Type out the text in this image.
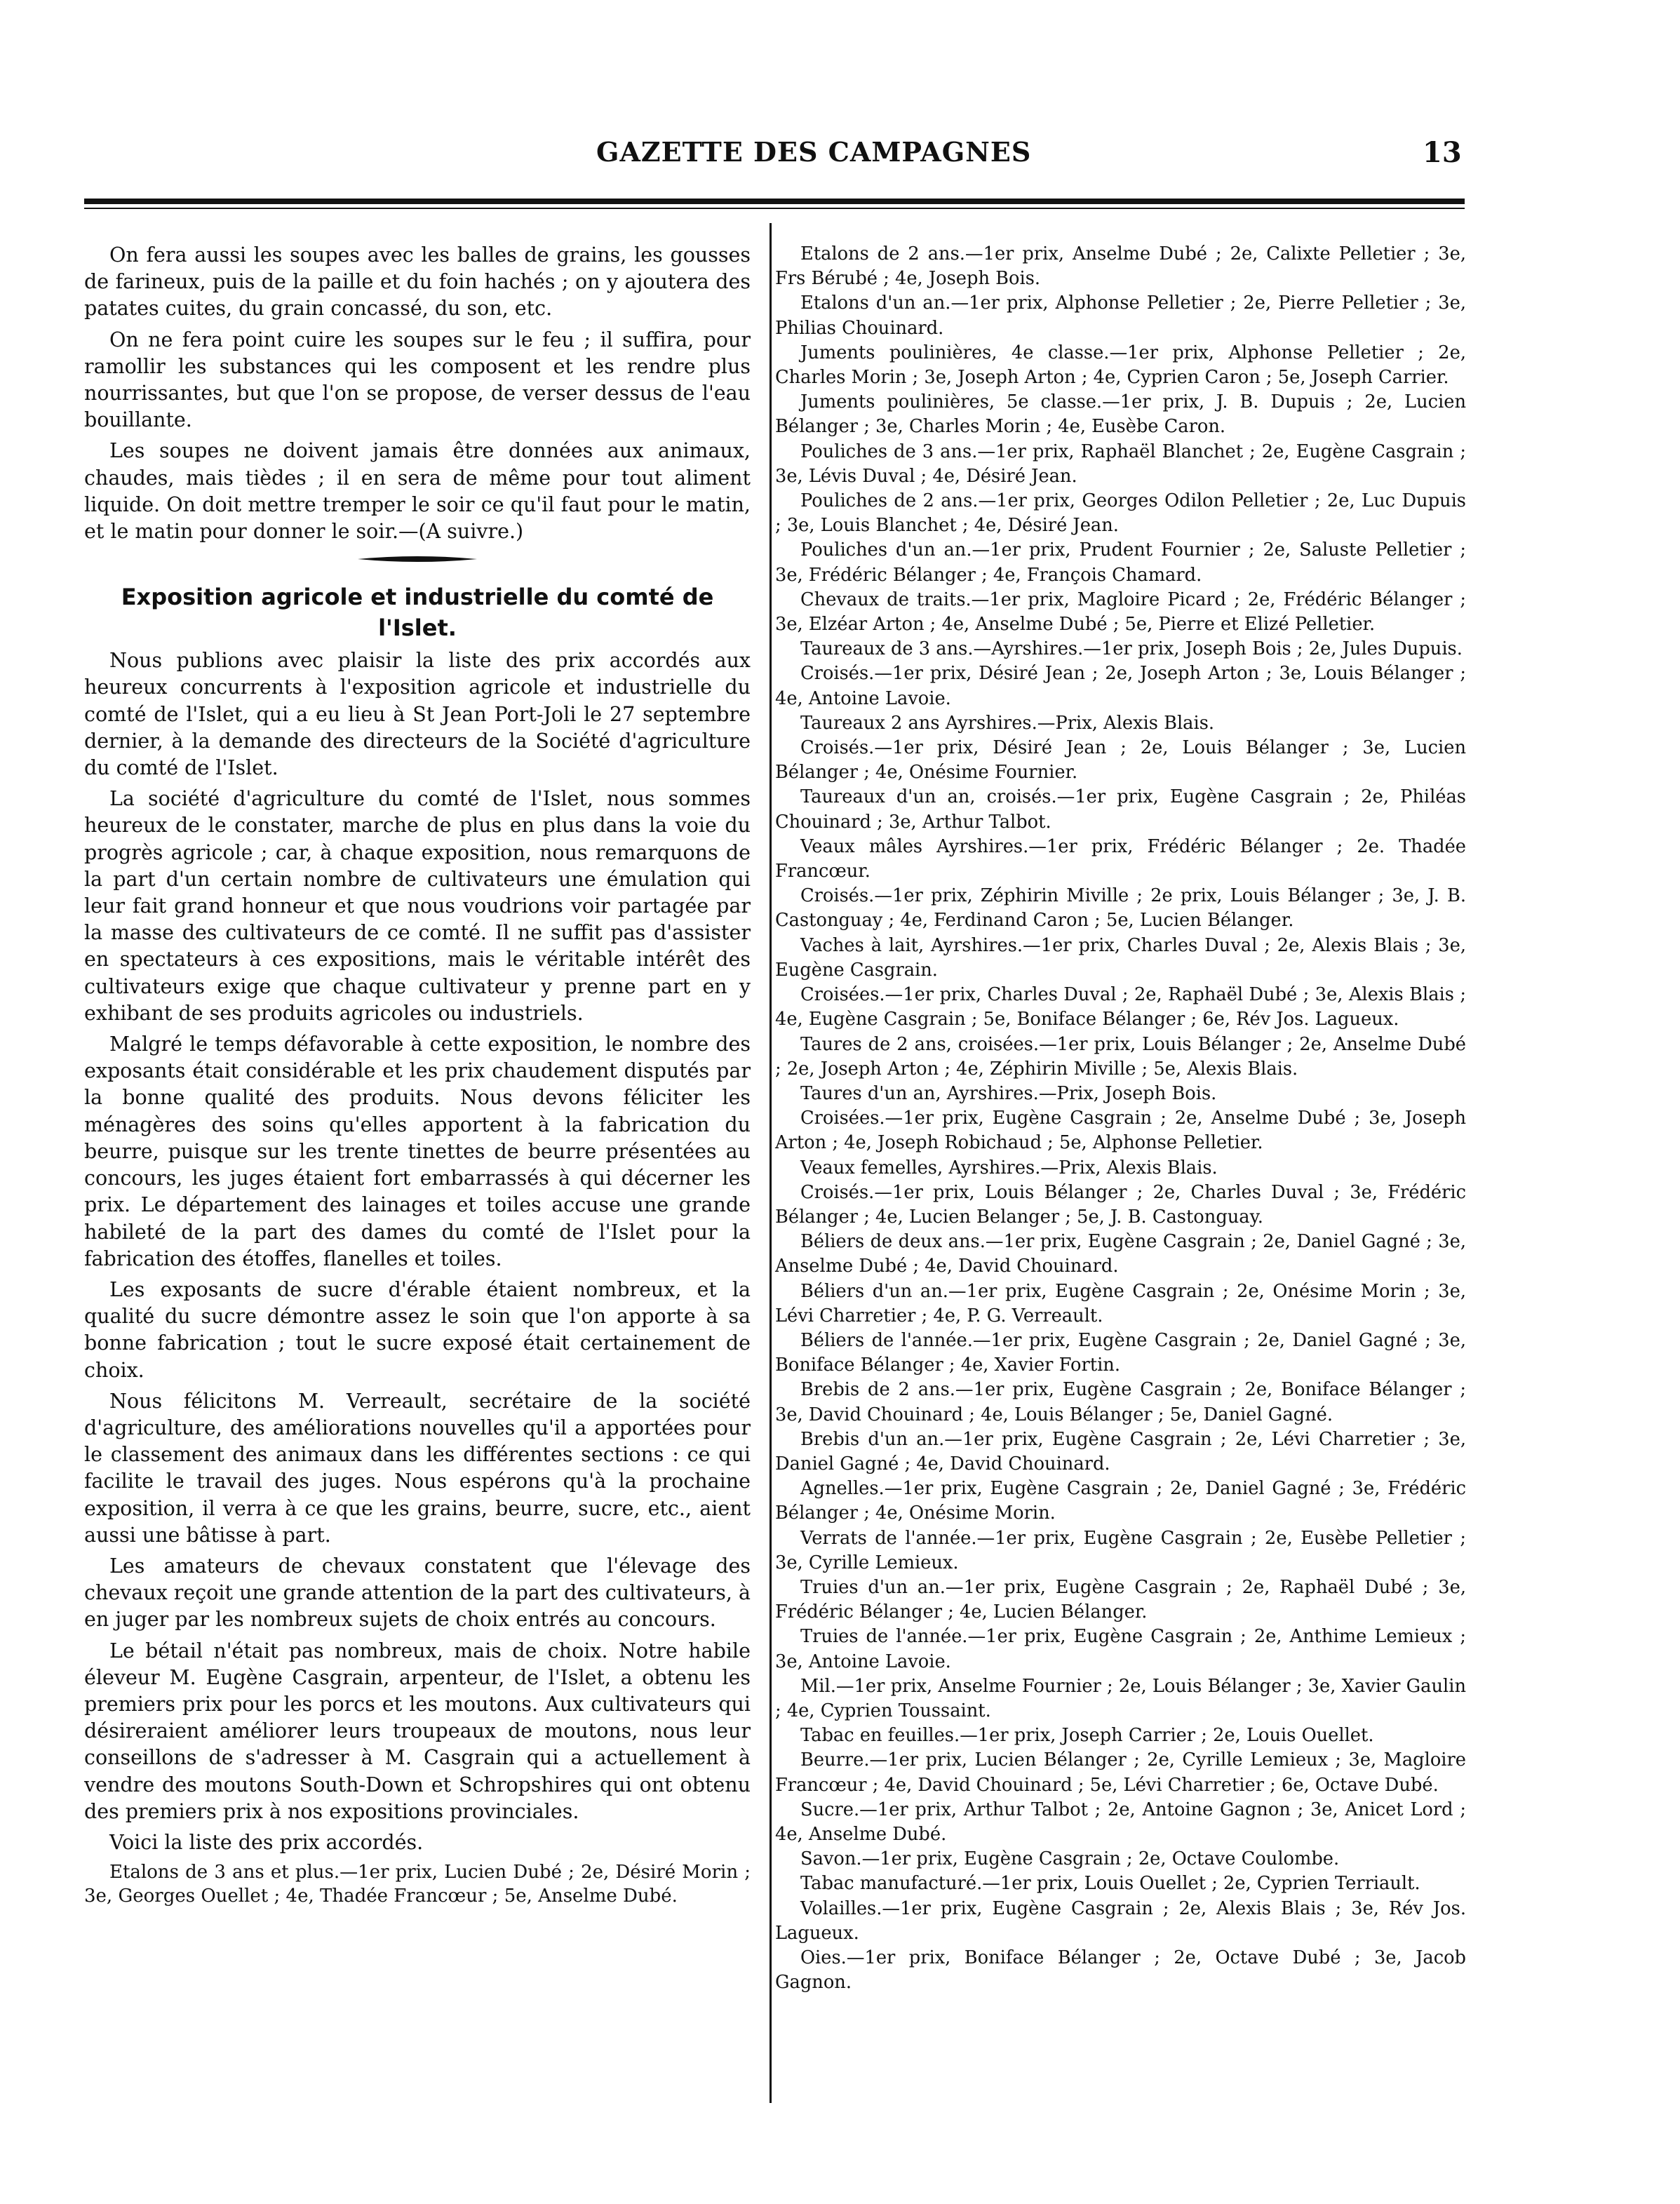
GAZETTE DES CAMPAGNES	13

On fera aussi les soupes avec les balles de grains, les gousses de farineux, puis de la paille et du foin hachés ; on y ajoutera des patates cuites, du grain concassé, du son, etc.

On ne fera point cuire les soupes sur le feu ; il suffira, pour ramollir les substances qui les composent et les rendre plus nourrissantes, but que l'on se propose, de verser dessus de l'eau bouillante.

Les soupes ne doivent jamais être données aux animaux, chaudes, mais tièdes ; il en sera de même pour tout aliment liquide. On doit mettre tremper le soir ce qu'il faut pour le matin, et le matin pour donner le soir.—(A suivre.)

Exposition agricole et industrielle du comté de l'Islet.

Nous publions avec plaisir la liste des prix accordés aux heureux concurrents à l'exposition agricole et industrielle du comté de l'Islet, qui a eu lieu à St Jean Port-Joli le 27 septembre dernier, à la demande des directeurs de la Société d'agriculture du comté de l'Islet.

La société d'agriculture du comté de l'Islet, nous sommes heureux de le constater, marche de plus en plus dans la voie du progrès agricole ; car, à chaque exposition, nous remarquons de la part d'un certain nombre de cultivateurs une émulation qui leur fait grand honneur et que nous voudrions voir partagée par la masse des cultivateurs de ce comté. Il ne suffit pas d'assister en spectateurs à ces expositions, mais le véritable intérêt des cultivateurs exige que chaque cultivateur y prenne part en y exhibant de ses produits agricoles ou industriels.

Malgré le temps défavorable à cette exposition, le nombre des exposants était considérable et les prix chaudement disputés par la bonne qualité des produits. Nous devons féliciter les ménagères des soins qu'elles apportent à la fabrication du beurre, puisque sur les trente tinettes de beurre présentées au concours, les juges étaient fort embarrassés à qui décerner les prix. Le département des lainages et toiles accuse une grande habileté de la part des dames du comté de l'Islet pour la fabrication des étoffes, flanelles et toiles.

Les exposants de sucre d'érable étaient nombreux, et la qualité du sucre démontre assez le soin que l'on apporte à sa bonne fabrication ; tout le sucre exposé était certainement de choix.

Nous félicitons M. Verreault, secrétaire de la société d'agriculture, des améliorations nouvelles qu'il a apportées pour le classement des animaux dans les différentes sections : ce qui facilite le travail des juges. Nous espérons qu'à la prochaine exposition, il verra à ce que les grains, beurre, sucre, etc., aient aussi une bâtisse à part.

Les amateurs de chevaux constatent que l'élevage des chevaux reçoit une grande attention de la part des cultivateurs, à en juger par les nombreux sujets de choix entrés au concours.

Le bétail n'était pas nombreux, mais de choix. Notre habile éleveur M. Eugène Casgrain, arpenteur, de l'Islet, a obtenu les premiers prix pour les porcs et les moutons. Aux cultivateurs qui désireraient améliorer leurs troupeaux de moutons, nous leur conseillons de s'adresser à M. Casgrain qui a actuellement à vendre des moutons South-Down et Schropshires qui ont obtenu des premiers prix à nos expositions provinciales.

Voici la liste des prix accordés.

Etalons de 3 ans et plus.—1er prix, Lucien Dubé ; 2e, Désiré Morin ; 3e, Georges Ouellet ; 4e, Thadée Francœur ; 5e, Anselme Dubé.

Etalons de 2 ans.—1er prix, Anselme Dubé ; 2e, Calixte Pelletier ; 3e, Frs Bérubé ; 4e, Joseph Bois.

Etalons d'un an.—1er prix, Alphonse Pelletier ; 2e, Pierre Pelletier ; 3e, Philias Chouinard.

Juments poulinières, 4e classe.—1er prix, Alphonse Pelletier ; 2e, Charles Morin ; 3e, Joseph Arton ; 4e, Cyprien Caron ; 5e, Joseph Carrier.

Juments poulinières, 5e classe.—1er prix, J. B. Dupuis ; 2e, Lucien Bélanger ; 3e, Charles Morin ; 4e, Eusèbe Caron.

Pouliches de 3 ans.—1er prix, Raphaël Blanchet ; 2e, Eugène Casgrain ; 3e, Lévis Duval ; 4e, Désiré Jean.

Pouliches de 2 ans.—1er prix, Georges Odilon Pelletier ; 2e, Luc Dupuis ; 3e, Louis Blanchet ; 4e, Désiré Jean.

Pouliches d'un an.—1er prix, Prudent Fournier ; 2e, Saluste Pelletier ; 3e, Frédéric Bélanger ; 4e, François Chamard.

Chevaux de traits.—1er prix, Magloire Picard ; 2e, Frédéric Bélanger ; 3e, Elzéar Arton ; 4e, Anselme Dubé ; 5e, Pierre et Elizé Pelletier.

Taureaux de 3 ans.—Ayrshires.—1er prix, Joseph Bois ; 2e, Jules Dupuis.

Croisés.—1er prix, Désiré Jean ; 2e, Joseph Arton ; 3e, Louis Bélanger ; 4e, Antoine Lavoie.

Taureaux 2 ans Ayrshires.—Prix, Alexis Blais.

Croisés.—1er prix, Désiré Jean ; 2e, Louis Bélanger ; 3e, Lucien Bélanger ; 4e, Onésime Fournier.

Taureaux d'un an, croisés.—1er prix, Eugène Casgrain ; 2e, Philéas Chouinard ; 3e, Arthur Talbot.

Veaux mâles Ayrshires.—1er prix, Frédéric Bélanger ; 2e. Thadée Francœur.

Croisés.—1er prix, Zéphirin Miville ; 2e prix, Louis Bélanger ; 3e, J. B. Castonguay ; 4e, Ferdinand Caron ; 5e, Lucien Bélanger.

Vaches à lait, Ayrshires.—1er prix, Charles Duval ; 2e, Alexis Blais ; 3e, Eugène Casgrain.

Croisées.—1er prix, Charles Duval ; 2e, Raphaël Dubé ; 3e, Alexis Blais ; 4e, Eugène Casgrain ; 5e, Boniface Bélanger ; 6e, Rév Jos. Lagueux.

Taures de 2 ans, croisées.—1er prix, Louis Bélanger ; 2e, Anselme Dubé ; 2e, Joseph Arton ; 4e, Zéphirin Miville ; 5e, Alexis Blais.

Taures d'un an, Ayrshires.—Prix, Joseph Bois.

Croisées.—1er prix, Eugène Casgrain ; 2e, Anselme Dubé ; 3e, Joseph Arton ; 4e, Joseph Robichaud ; 5e, Alphonse Pelletier.

Veaux femelles, Ayrshires.—Prix, Alexis Blais.

Croisés.—1er prix, Louis Bélanger ; 2e, Charles Duval ; 3e, Frédéric Bélanger ; 4e, Lucien Belanger ; 5e, J. B. Castonguay.

Béliers de deux ans.—1er prix, Eugène Casgrain ; 2e, Daniel Gagné ; 3e, Anselme Dubé ; 4e, David Chouinard.

Béliers d'un an.—1er prix, Eugène Casgrain ; 2e, Onésime Morin ; 3e, Lévi Charretier ; 4e, P. G. Verreault.

Béliers de l'année.—1er prix, Eugène Casgrain ; 2e, Daniel Gagné ; 3e, Boniface Bélanger ; 4e, Xavier Fortin.

Brebis de 2 ans.—1er prix, Eugène Casgrain ; 2e, Boniface Bélanger ; 3e, David Chouinard ; 4e, Louis Bélanger ; 5e, Daniel Gagné.

Brebis d'un an.—1er prix, Eugène Casgrain ; 2e, Lévi Charretier ; 3e, Daniel Gagné ; 4e, David Chouinard.

Agnelles.—1er prix, Eugène Casgrain ; 2e, Daniel Gagné ; 3e, Frédéric Bélanger ; 4e, Onésime Morin.

Verrats de l'année.—1er prix, Eugène Casgrain ; 2e, Eusèbe Pelletier ; 3e, Cyrille Lemieux.

Truies d'un an.—1er prix, Eugène Casgrain ; 2e, Raphaël Dubé ; 3e, Frédéric Bélanger ; 4e, Lucien Bélanger.

Truies de l'année.—1er prix, Eugène Casgrain ; 2e, Anthime Lemieux ; 3e, Antoine Lavoie.

Mil.—1er prix, Anselme Fournier ; 2e, Louis Bélanger ; 3e, Xavier Gaulin ; 4e, Cyprien Toussaint.

Tabac en feuilles.—1er prix, Joseph Carrier ; 2e, Louis Ouellet.

Beurre.—1er prix, Lucien Bélanger ; 2e, Cyrille Lemieux ; 3e, Magloire Francœur ; 4e, David Chouinard ; 5e, Lévi Charretier ; 6e, Octave Dubé.

Sucre.—1er prix, Arthur Talbot ; 2e, Antoine Gagnon ; 3e, Anicet Lord ; 4e, Anselme Dubé.

Savon.—1er prix, Eugène Casgrain ; 2e, Octave Coulombe.

Tabac manufacturé.—1er prix, Louis Ouellet ; 2e, Cyprien Terriault.

Volailles.—1er prix, Eugène Casgrain ; 2e, Alexis Blais ; 3e, Rév Jos. Lagueux.

Oies.—1er prix, Boniface Bélanger ; 2e, Octave Dubé ; 3e, Jacob Gagnon.
